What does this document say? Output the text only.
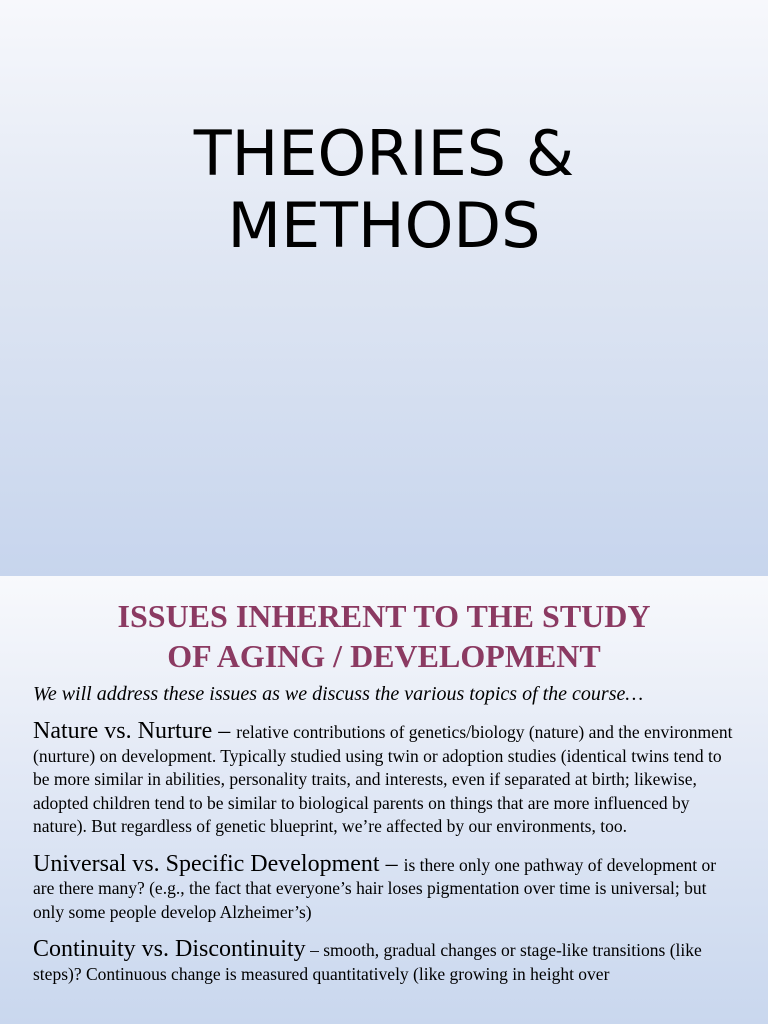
THEORIES &
METHODS
ISSUES INHERENT TO THE STUDY
OF AGING / DEVELOPMENT

We will address these issues as we discuss the various topics of the course…

Nature vs. Nurture – relative contributions of genetics/biology (nature) and the environment (nurture) on development. Typically studied using twin or adoption studies (identical twins tend to be more similar in abilities, personality traits, and interests, even if separated at birth; likewise, adopted children tend to be similar to biological parents on things that are more influenced by nature). But regardless of genetic blueprint, we’re affected by our environments, too.

Universal vs. Specific Development – is there only one pathway of development or are there many? (e.g., the fact that everyone’s hair loses pigmentation over time is universal; but only some people develop Alzheimer’s)

Continuity vs. Discontinuity – smooth, gradual changes or stage-like transitions (like steps)? Continuous change is measured quantitatively (like growing in height over
